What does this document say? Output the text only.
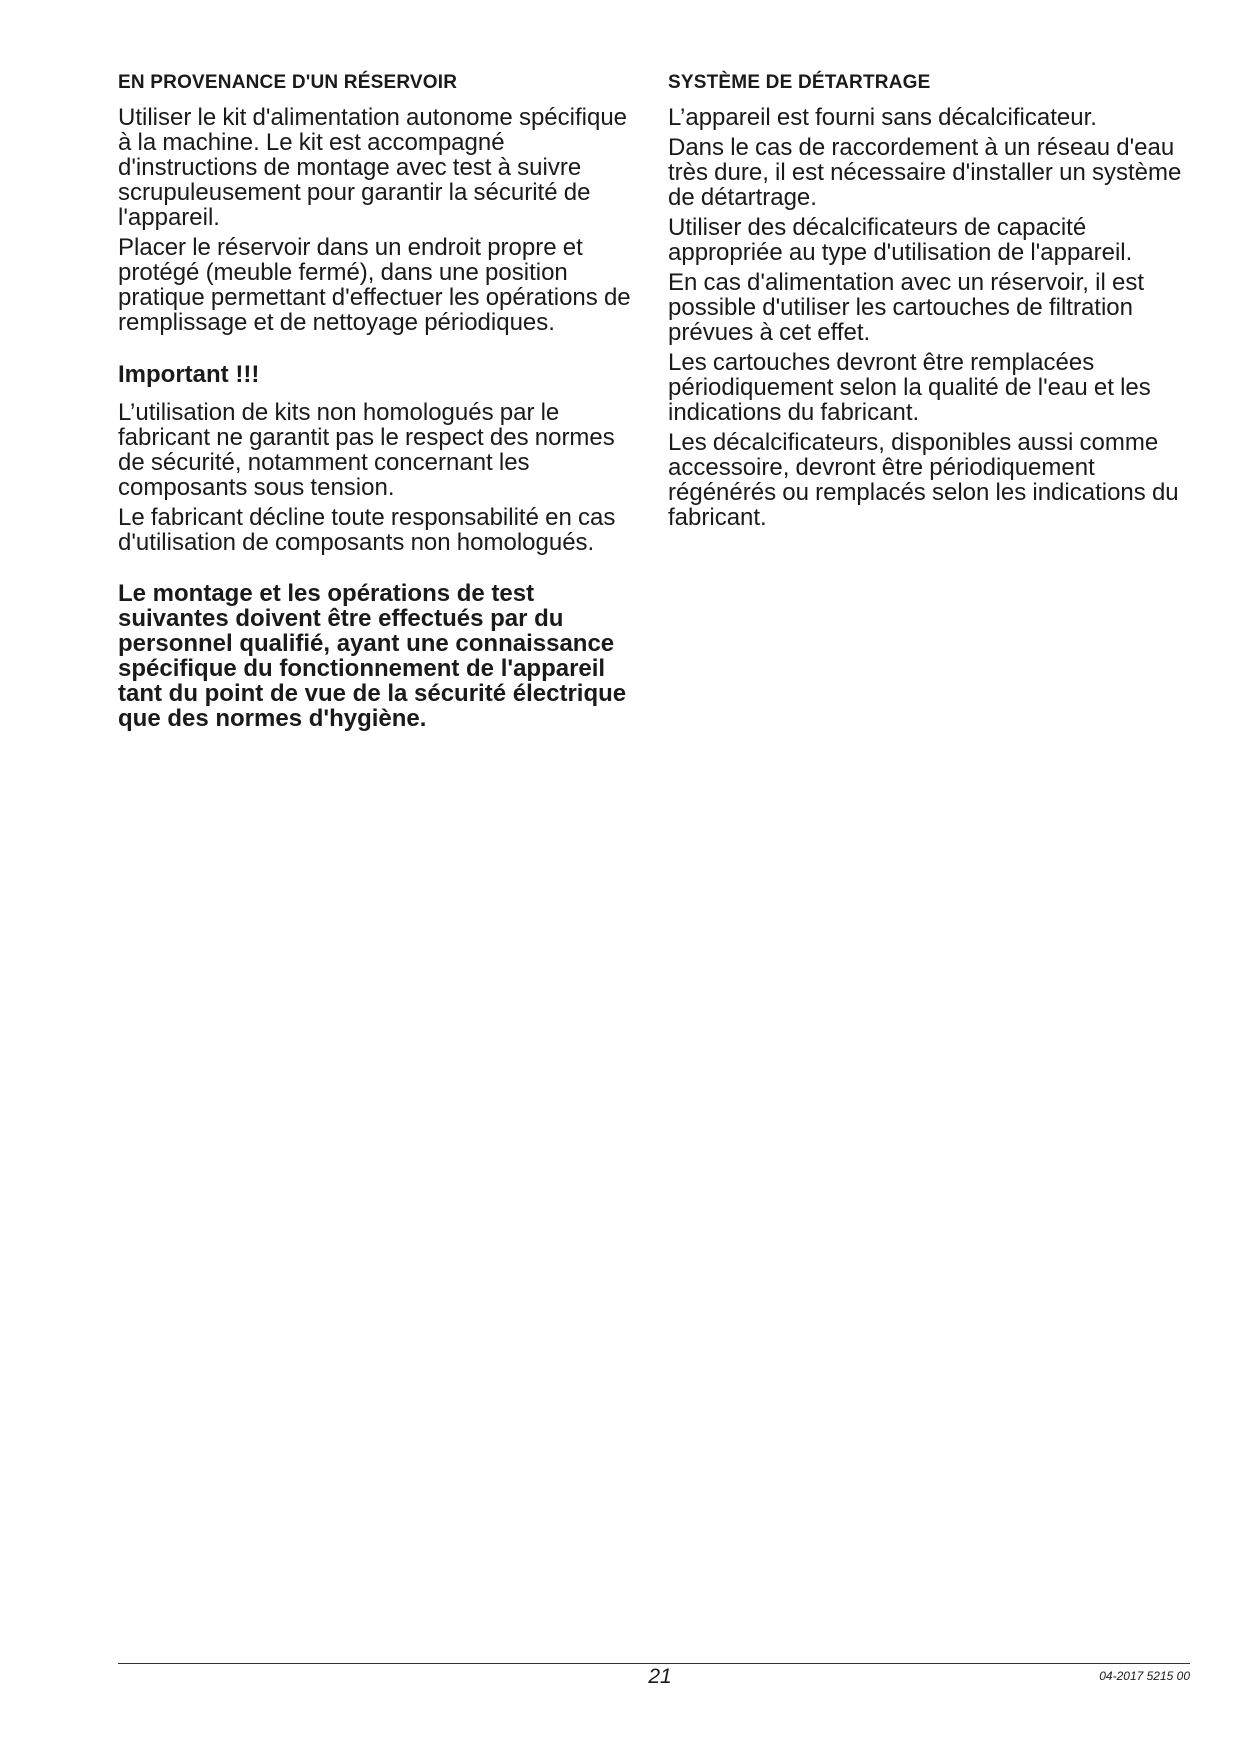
EN PROVENANCE D'UN RÉSERVOIR

Utiliser le kit d'alimentation autonome spécifique à la machine. Le kit est accompagné d'instructions de montage avec test à suivre scrupuleusement pour garantir la sécurité de l'appareil.

Placer le réservoir dans un endroit propre et protégé (meuble fermé), dans une position pratique permettant d'effectuer les opérations de remplissage et de nettoyage périodiques.

Important !!!

L’utilisation de kits non homologués par le fabricant ne garantit pas le respect des normes de sécurité, notamment concernant les composants sous tension.

Le fabricant décline toute responsabilité en cas d'utilisation de composants non homologués.

Le montage et les opérations de test suivantes doivent être effectués par du personnel qualifié, ayant une connaissance spécifique du fonctionnement de l'appareil tant du point de vue de la sécurité électrique que des normes d'hygiène.

SYSTÈME DE DÉTARTRAGE

L’appareil est fourni sans décalcificateur.

Dans le cas de raccordement à un réseau d'eau très dure, il est nécessaire d'installer un système de détartrage.

Utiliser des décalcificateurs de capacité appropriée au type d'utilisation de l'appareil.

En cas d'alimentation avec un réservoir, il est possible d'utiliser les cartouches de filtration prévues à cet effet.

Les cartouches devront être remplacées périodiquement selon la qualité de l'eau et les indications du fabricant.

Les décalcificateurs, disponibles aussi comme accessoire, devront être périodiquement régénérés ou remplacés selon les indications du fabricant.

21	04-2017 5215 00
